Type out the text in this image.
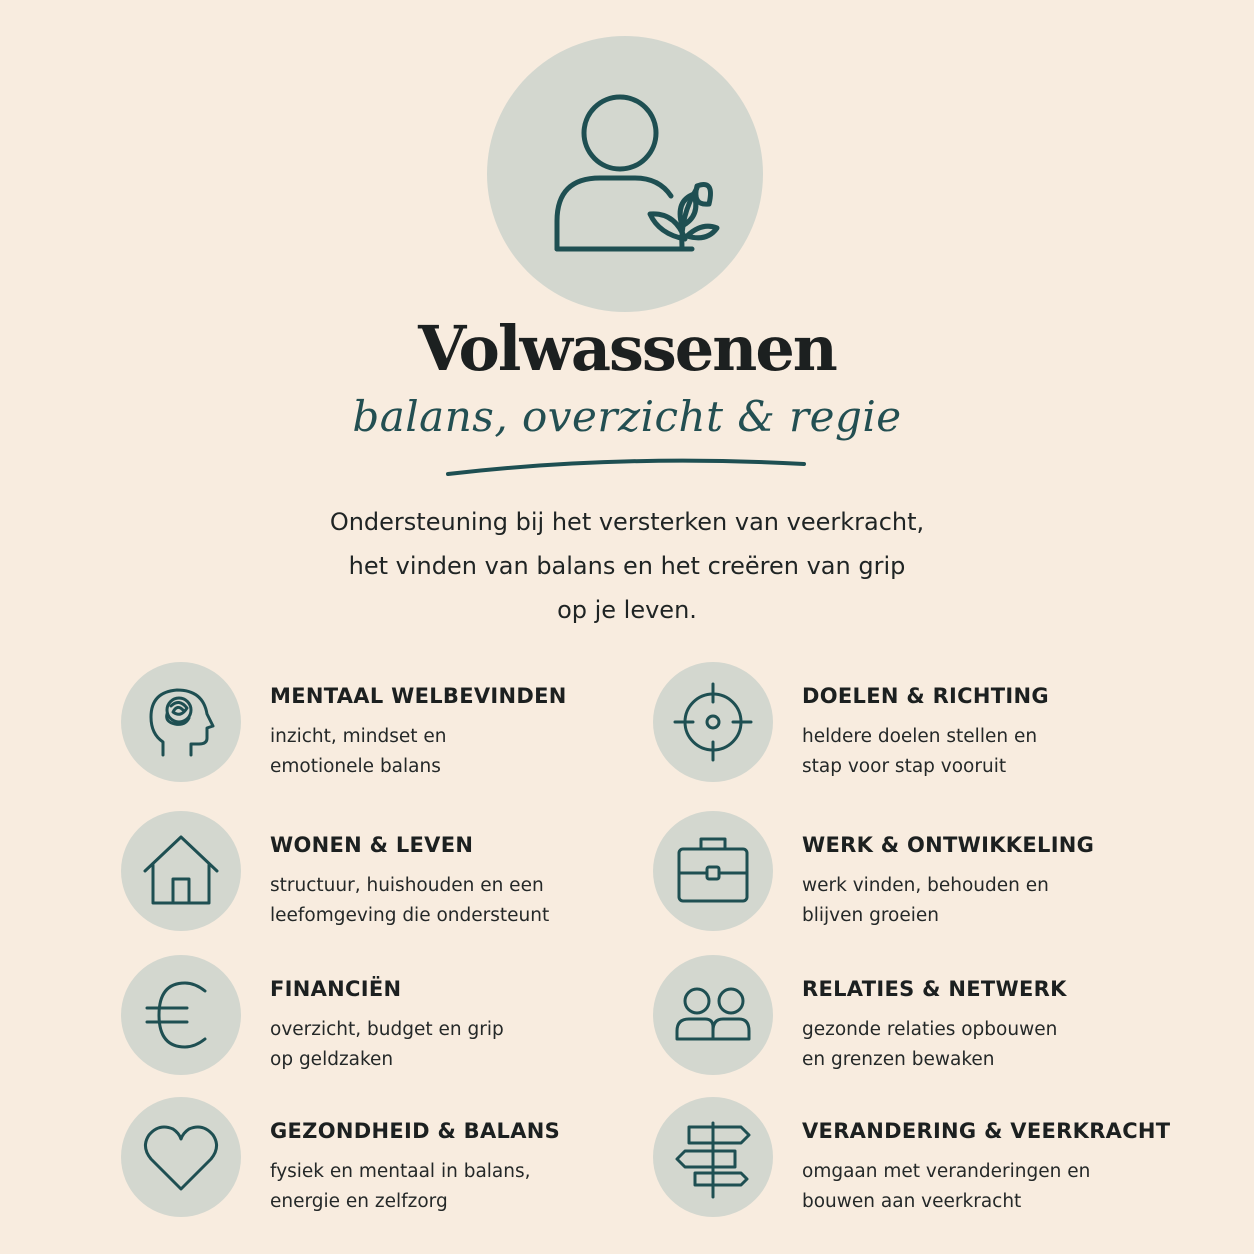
Volwassenen
balans, overzicht & regie
Ondersteuning bij het versterken van veerkracht,
het vinden van balans en het creëren van grip
op je leven.
MENTAAL WELBEVINDEN
inzicht, mindset en
emotionele balans
DOELEN & RICHTING
heldere doelen stellen en
stap voor stap vooruit
WONEN & LEVEN
structuur, huishouden en een
leefomgeving die ondersteunt
WERK & ONTWIKKELING
werk vinden, behouden en
blijven groeien
FINANCIËN
overzicht, budget en grip
op geldzaken
RELATIES & NETWERK
gezonde relaties opbouwen
en grenzen bewaken
GEZONDHEID & BALANS
fysiek en mentaal in balans,
energie en zelfzorg
VERANDERING & VEERKRACHT
omgaan met veranderingen en
bouwen aan veerkracht
